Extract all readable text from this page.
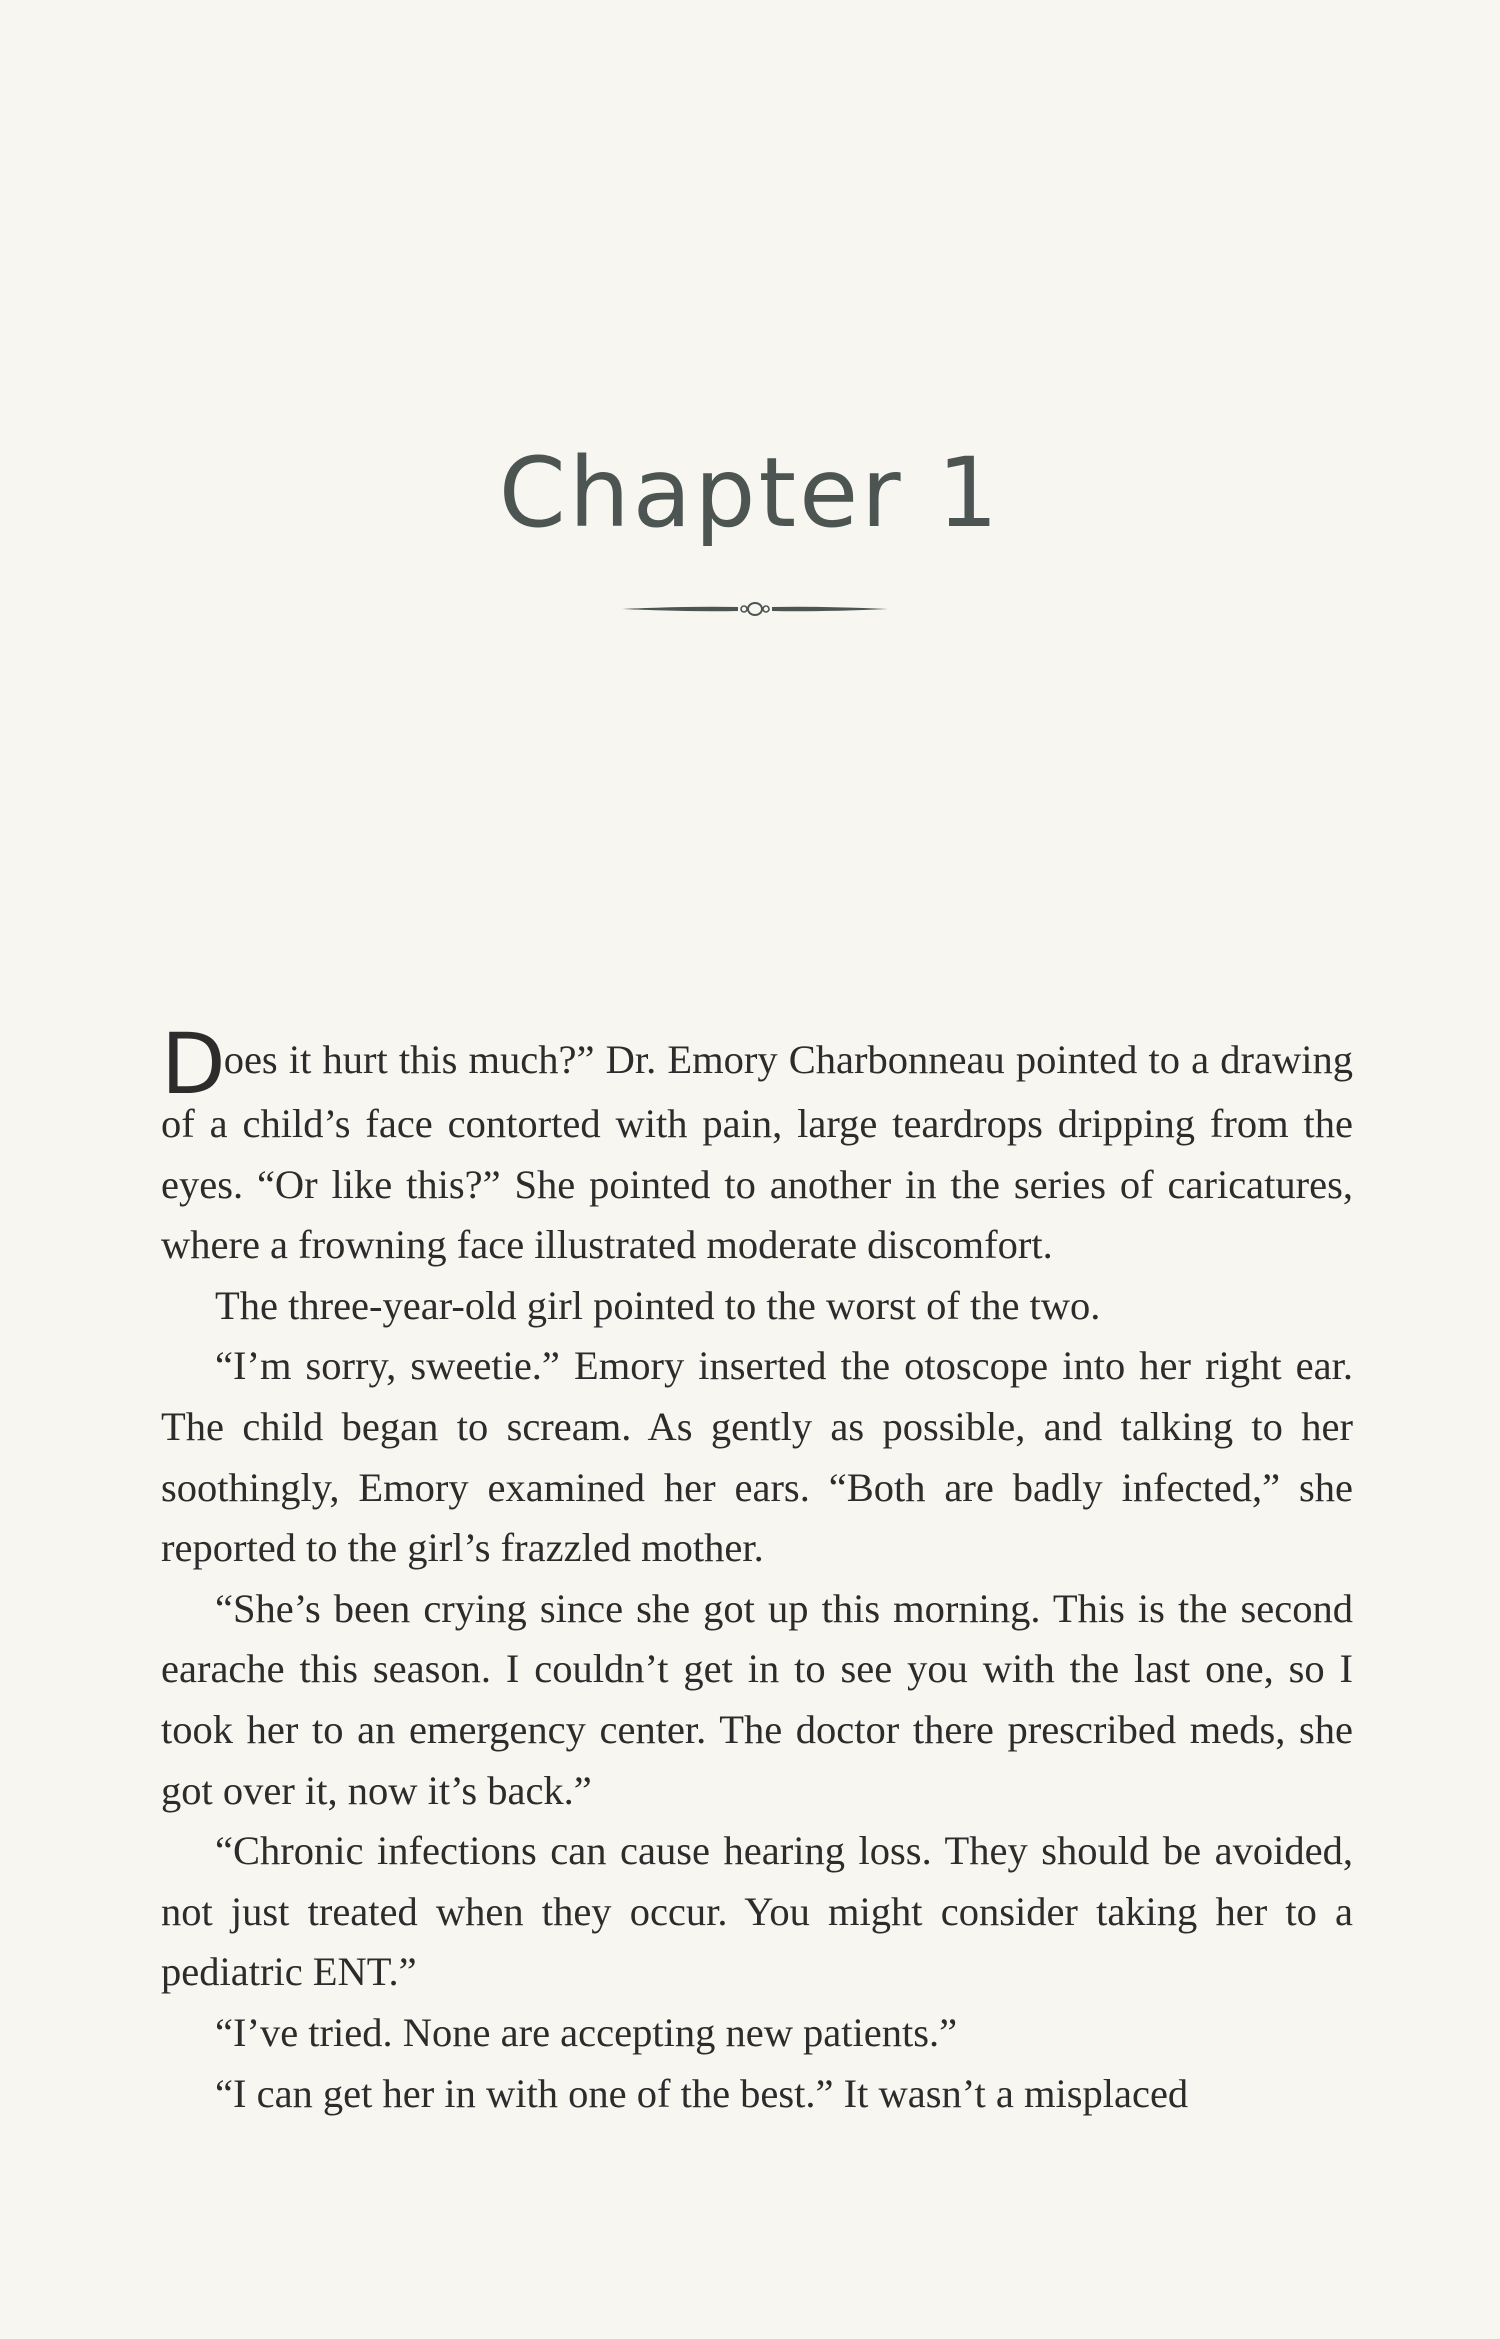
Chapter 1

Does it hurt this much?” Dr. Emory Charbonneau pointed to a drawing of a child’s face contorted with pain, large teardrops dripping from the eyes. “Or like this?” She pointed to another in the series of caricatures, where a frowning face illustrated moderate discomfort.

The three-year-old girl pointed to the worst of the two.

“I’m sorry, sweetie.” Emory inserted the otoscope into her right ear. The child began to scream. As gently as possible, and talking to her soothingly, Emory examined her ears. “Both are badly infected,” she reported to the girl’s frazzled mother.

“She’s been crying since she got up this morning. This is the second earache this season. I couldn’t get in to see you with the last one, so I took her to an emergency center. The doctor there prescribed meds, she got over it, now it’s back.”

“Chronic infections can cause hearing loss. They should be avoided, not just treated when they occur. You might consider taking her to a pediatric ENT.”

“I’ve tried. None are accepting new patients.”

“I can get her in with one of the best.” It wasn’t a misplaced
